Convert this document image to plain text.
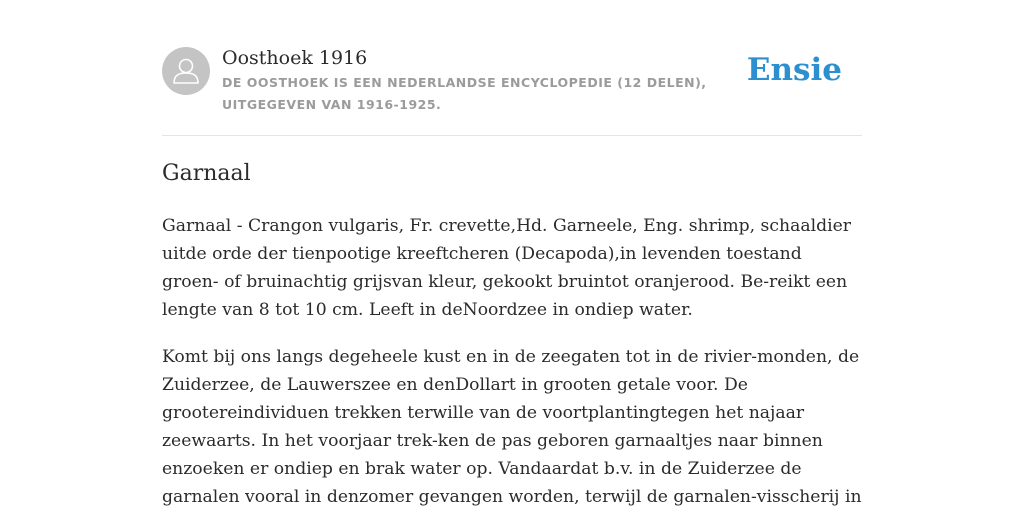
Oosthoek 1916
DE OOSTHOEK IS EEN NEDERLANDSE ENCYCLOPEDIE (12 DELEN), UITGEGEVEN VAN 1916-1925.
Ensie
Garnaal

Garnaal - Crangon vulgaris, Fr. crevette,Hd. Garneele, Eng. shrimp, schaaldier uitde orde der tienpootige kreeftcheren (Decapoda),in levenden toestand groen- of bruinachtig grijsvan kleur, gekookt bruintot oranjerood. Be-reikt een lengte van 8 tot 10 cm. Leeft in deNoordzee in ondiep water.

Komt bij ons langs degeheele kust en in de zeegaten tot in de rivier-monden, de Zuiderzee, de Lauwerszee en denDollart in grooten getale voor. De grootereindividuen trekken terwille van de voortplantingtegen het najaar zeewaarts. In het voorjaar trek-ken de pas geboren garnaaltjes naar binnen enzoeken er ondiep en brak water op. Vandaardat b.v. in de Zuiderzee de garnalen vooral in denzomer gevangen worden, terwijl de garnalen-visscherij in
